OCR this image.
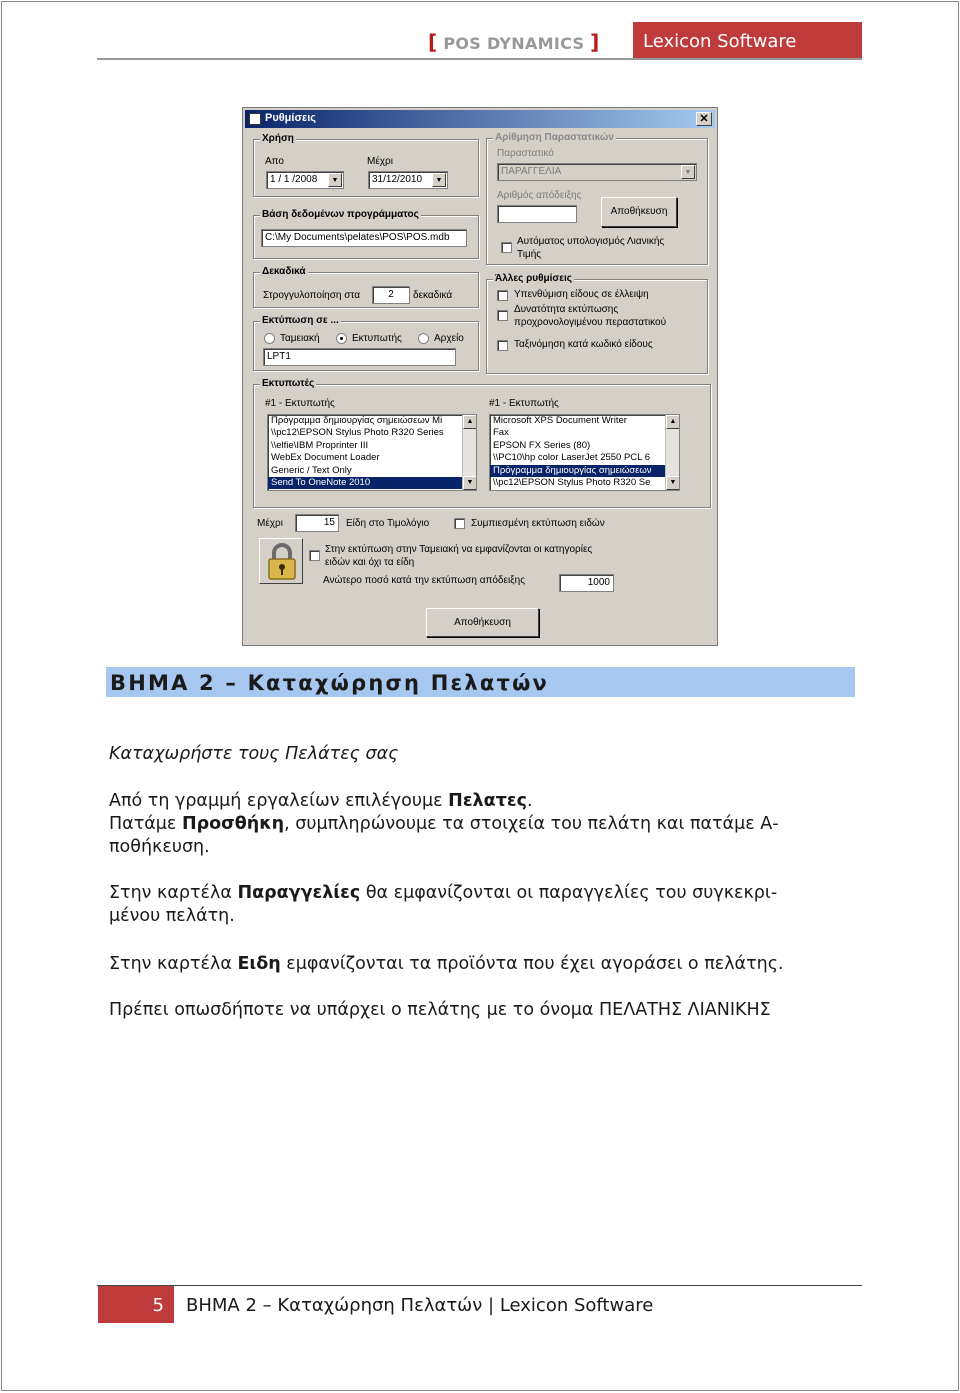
[ POS DYNAMICS ]	Lexicon Software
Ρυθμίσεις	✕
Χρήση
Απο
1 / 1 /2008	▼
Μέχρι
31/12/2010	▼
Βάση δεδομένων προγράμματος
C:\My Documents\pelates\POS\POS.mdb
Δεκαδικά
Στρογγυλοποίηση στα	2	δεκαδικά
Εκτύπωση σε ...
Ταμειακή	Εκτυπωτής	Αρχείο
LPT1
Αρίθμηση Παραστατικών
Παραστατικό
ΠΑΡΑΓΓΕΛΙΑ	▼
Αριθμός απόδειξης
Αποθήκευση
Αυτόματος υπολογισμός Λιανικής
Τιμής
Άλλες ρυθμίσεις
Υπενθύμιση είδους σε έλλειψη
Δυνατότητα εκτύπωσης
προχρονολογιμένου περαστατικού
Ταξινόμηση κατά κωδικό είδους
Εκτυπωτές
#1 - Εκτυπωτής
Πρόγραμμα δημιουργίας σημειώσεων Mi
\\pc12\EPSON Stylus Photo R320 Series
\\elfie\IBM Proprinter III
WebEx Document Loader
Generic / Text Only
Send To OneNote 2010
▲
▼
#1 - Εκτυπωτής
Microsoft XPS Document Writer
Fax
EPSON FX Series (80)
\\PC10\hp color LaserJet 2550 PCL 6
Πρόγραμμα δημιουργίας σημειώσεων
\\pc12\EPSON Stylus Photo R320 Se
▲
▼
Μέχρι	15	Είδη στο Τιμολόγιο	Συμπιεσμένη εκτύπωση ειδών
Στην εκτύπωση στην Ταμειακή να εμφανίζονται οι κατηγορίες
ειδών και όχι τα είδη
Ανώτερο ποσό κατά την εκτύπωση απόδειξης	1000
Αποθήκευση
ΒΗΜΑ 2 – Καταχώρηση Πελατών
Καταχωρήστε τους Πελάτες σας
Από τη γραμμή εργαλείων επιλέγουμε Πελατες.
Πατάμε Προσθήκη, συμπληρώνουμε τα στοιχεία του πελάτη και πατάμε Α-
ποθήκευση.
Στην καρτέλα Παραγγελίες θα εμφανίζονται οι παραγγελίες του συγκεκρι-
μένου πελάτη.
Στην καρτέλα Ειδη εμφανίζονται τα προϊόντα που έχει αγοράσει ο πελάτης.
Πρέπει οπωσδήποτε να υπάρχει ο πελάτης με το όνομα ΠΕΛΑΤΗΣ ΛΙΑΝΙΚΗΣ
5	ΒΗΜΑ 2 – Καταχώρηση Πελατών | Lexicon Software
